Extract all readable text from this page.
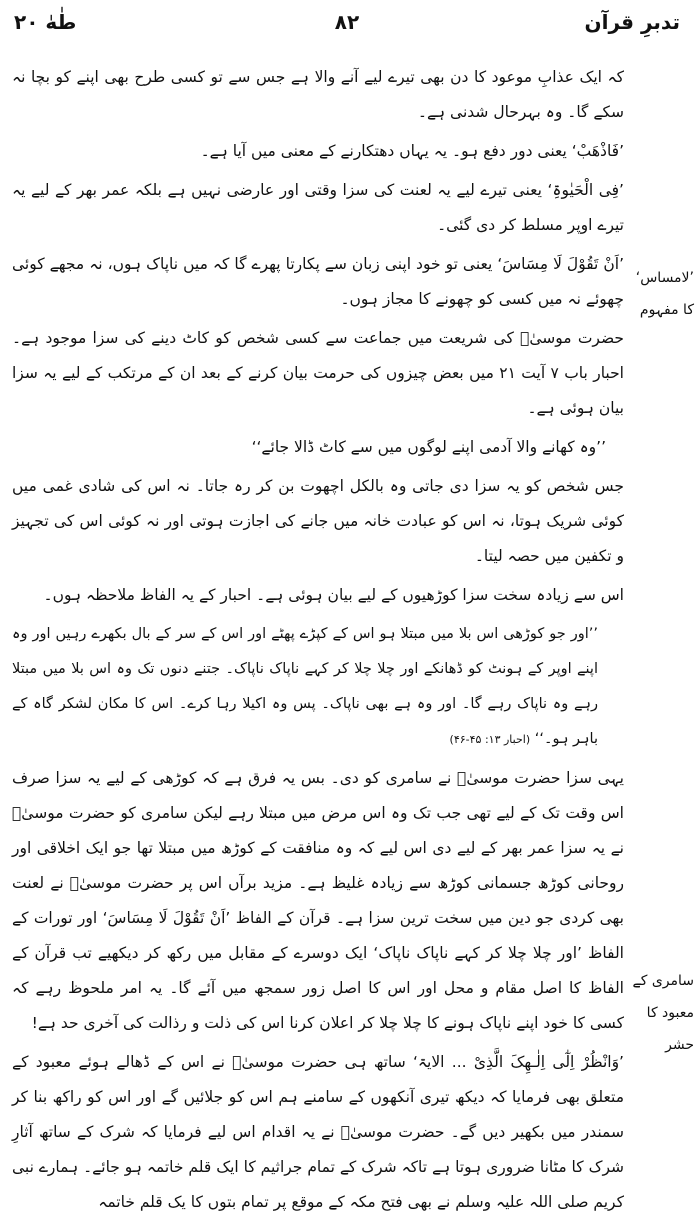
طٰهٰ ٢٠	٨٢	تدبرِ قرآن

کہ ایک عذابِ موعود کا دن بھی تیرے لیے آنے والا ہے جس سے تو کسی طرح بھی اپنے کو بچا نہ سکے گا۔ وہ بہرحال شدنی ہے۔

’فَاذْهَبْ‘ یعنی دور دفع ہو۔ یہ یہاں دھتکارنے کے معنی میں آیا ہے۔

’فِی الْحَیٰوۃِ‘ یعنی تیرے لیے یہ لعنت کی سزا وقتی اور عارضی نہیں ہے بلکہ عمر بھر کے لیے یہ تیرے اوپر مسلط کر دی گئی۔

’اَنْ تَقُوْلَ لَا مِسَاسَ‘ یعنی تو خود اپنی زبان سے پکارتا پھرے گا کہ میں ناپاک ہوں، نہ مجھے کوئی چھوئے نہ میں کسی کو چھونے کا مجاز ہوں۔

حضرت موسیٰؑ کی شریعت میں جماعت سے کسی شخص کو کاٹ دینے کی سزا موجود ہے۔ احبار باب ۷ آیت ۲۱ میں بعض چیزوں کی حرمت بیان کرنے کے بعد ان کے مرتکب کے لیے یہ سزا بیان ہوئی ہے۔

’’وہ کھانے والا آدمی اپنے لوگوں میں سے کاٹ ڈالا جائے‘‘

جس شخص کو یہ سزا دی جاتی وہ بالکل اچھوت بن کر رہ جاتا۔ نہ اس کی شادی غمی میں کوئی شریک ہوتا، نہ اس کو عبادت خانہ میں جانے کی اجازت ہوتی اور نہ کوئی اس کی تجہیز و تکفین میں حصہ لیتا۔

اس سے زیادہ سخت سزا کوڑھیوں کے لیے بیان ہوئی ہے۔ احبار کے یہ الفاظ ملاحظہ ہوں۔

’’اور جو کوڑھی اس بلا میں مبتلا ہو اس کے کپڑے پھٹے اور اس کے سر کے بال بکھرے رہیں اور وہ اپنے اوپر کے ہونٹ کو ڈھانکے اور چلا چلا کر کہے ناپاک ناپاک۔ جتنے دنوں تک وہ اس بلا میں مبتلا رہے وہ ناپاک رہے گا۔ اور وہ ہے بھی ناپاک۔ پس وہ اکیلا رہا کرے۔ اس کا مکان لشکر گاہ کے باہر ہو۔‘‘ (احبار ۱۳: ۴۵-۴۶)

یہی سزا حضرت موسیٰؑ نے سامری کو دی۔ بس یہ فرق ہے کہ کوڑھی کے لیے یہ سزا صرف اس وقت تک کے لیے تھی جب تک وہ اس مرض میں مبتلا رہے لیکن سامری کو حضرت موسیٰؑ نے یہ سزا عمر بھر کے لیے دی اس لیے کہ وہ منافقت کے کوڑھ میں مبتلا تھا جو ایک اخلاقی اور روحانی کوڑھ جسمانی کوڑھ سے زیادہ غلیظ ہے۔ مزید برآں اس پر حضرت موسیٰؑ نے لعنت بھی کردی جو دین میں سخت ترین سزا ہے۔ قرآن کے الفاظ ’اَنْ تَقُوْلَ لَا مِسَاسَ‘ اور تورات کے الفاظ ’اور چلا چلا کر کہے ناپاک ناپاک‘ ایک دوسرے کے مقابل میں رکھ کر دیکھیے تب قرآن کے الفاظ کا اصل مقام و محل اور اس کا اصل زور سمجھ میں آئے گا۔ یہ امر ملحوظ رہے کہ کسی کا خود اپنے ناپاک ہونے کا چلا چلا کر اعلان کرنا اس کی ذلت و رذالت کی آخری حد ہے!

’وَانْظُرْ اِلٰٓی اِلٰـهِکَ الَّذِیْ ... الایۃ‘ ساتھ ہی حضرت موسیٰؑ نے اس کے ڈھالے ہوئے معبود کے متعلق بھی فرمایا کہ دیکھ تیری آنکھوں کے سامنے ہم اس کو جلائیں گے اور اس کو راکھ بنا کر سمندر میں بکھیر دیں گے۔ حضرت موسیٰؑ نے یہ اقدام اس لیے فرمایا کہ شرک کے ساتھ آثارِ شرک کا مٹانا ضروری ہوتا ہے تاکہ شرک کے تمام جراثیم کا ایک قلم خاتمہ ہو جائے۔ ہمارے نبی کریم صلی اللہ علیہ وسلم نے بھی فتح مکہ کے موقع پر تمام بتوں کا یک قلم خاتمہ

’لامساس‘ کا مفہوم
سامری کے معبود کا حشر
